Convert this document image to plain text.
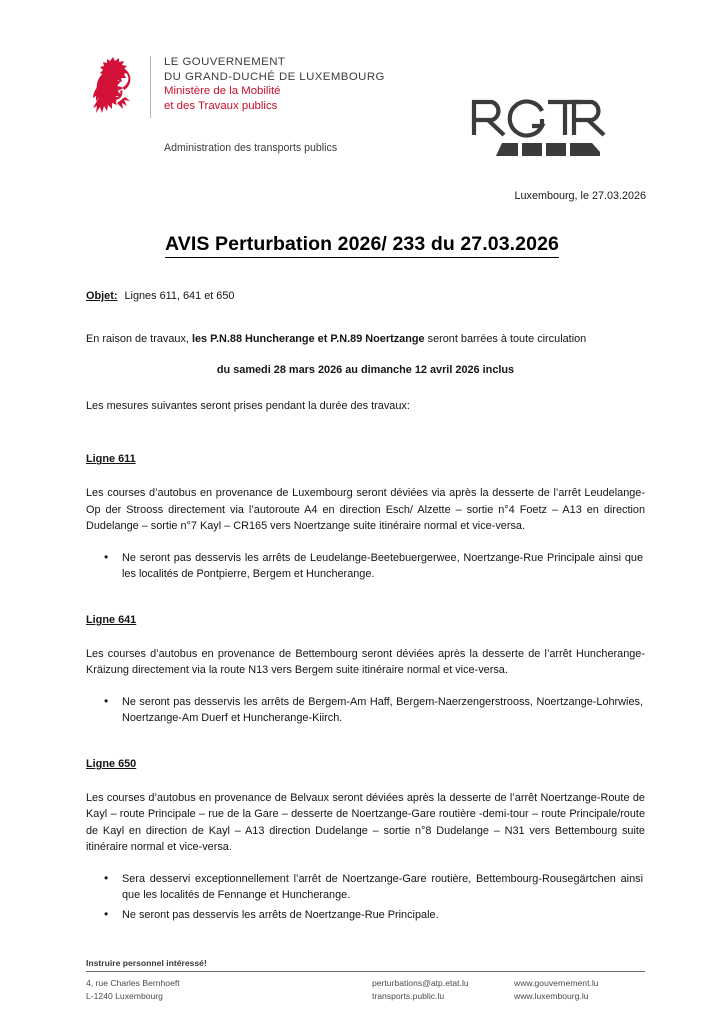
LE GOUVERNEMENT
DU GRAND-DUCHÉ DE LUXEMBOURG
Ministère de la Mobilité
et des Travaux publics
Administration des transports publics
Luxembourg, le 27.03.2026
AVIS Perturbation 2026/ 233 du 27.03.2026
Objet: Lignes 611, 641 et 650

En raison de travaux, les P.N.88 Huncherange et P.N.89 Noertzange seront barrées à toute circulation

du samedi 28 mars 2026 au dimanche 12 avril 2026 inclus

Les mesures suivantes seront prises pendant la durée des travaux:

Ligne 611

Les courses d’autobus en provenance de Luxembourg seront déviées via après la desserte de l’arrêt Leudelange-Op der Strooss directement via l’autoroute A4 en direction Esch/ Alzette – sortie n°4 Foetz – A13 en direction Dudelange – sortie n°7 Kayl – CR165 vers Noertzange suite itinéraire normal et vice-versa.

• Ne seront pas desservis les arrêts de Leudelange-Beetebuergerwee, Noertzange-Rue Principale ainsi que les localités de Pontpierre, Bergem et Huncherange.
Ligne 641

Les courses d’autobus en provenance de Bettembourg seront déviées après la desserte de l’arrêt Huncherange-Kräizung directement via la route N13 vers Bergem suite itinéraire normal et vice-versa.

• Ne seront pas desservis les arrêts de Bergem-Am Haff, Bergem-Naerzengerstrooss, Noertzange-Lohrwies, Noertzange-Am Duerf et Huncherange-Kiirch.
Ligne 650

Les courses d’autobus en provenance de Belvaux seront déviées après la desserte de l’arrêt Noertzange-Route de Kayl – route Principale – rue de la Gare – desserte de Noertzange-Gare routière -demi-tour – route Principale/route de Kayl en direction de Kayl – A13 direction Dudelange – sortie n°8 Dudelange – N31 vers Bettembourg suite itinéraire normal et vice-versa.

• Sera desservi exceptionnellement l’arrêt de Noertzange-Gare routière, Bettembourg-Rousegärtchen ainsi que les localités de Fennange et Huncherange.
• Ne seront pas desservis les arrêts de Noertzange-Rue Principale.
Instruire personnel intéressé!
4, rue Charles Bernhoeft
L-1240 Luxembourg
perturbations@atp.etat.lu
transports.public.lu
www.gouvernement.lu
www.luxembourg.lu
